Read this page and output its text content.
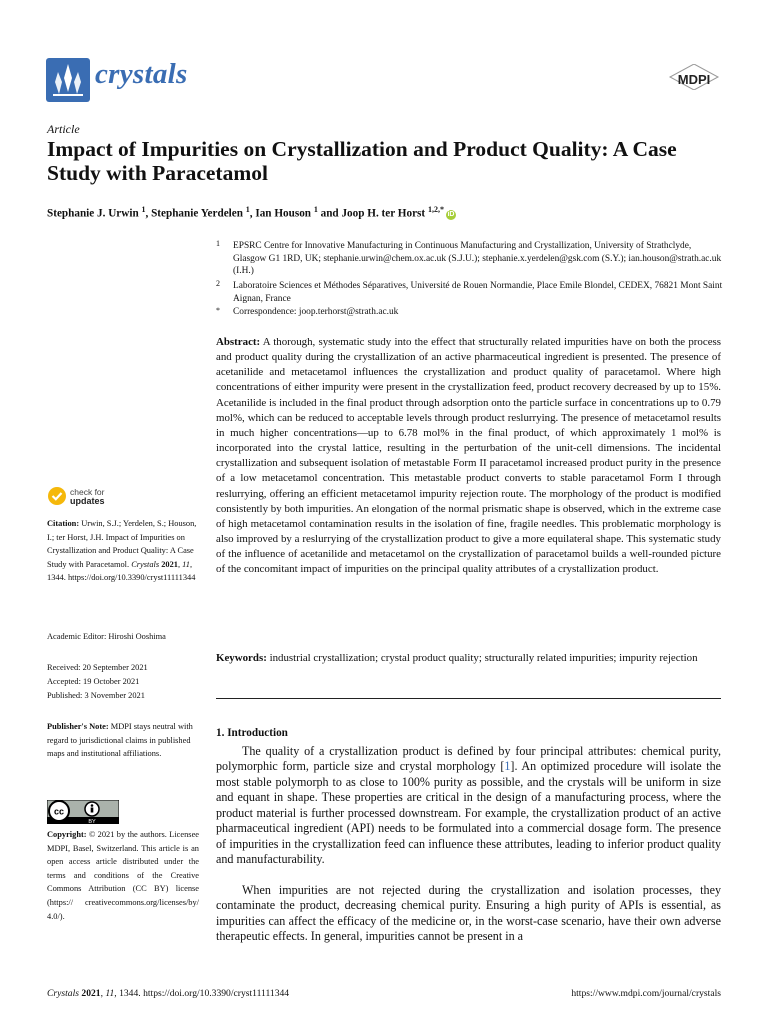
crystals	MDPI
Article
Impact of Impurities on Crystallization and Product Quality: A Case Study with Paracetamol
Stephanie J. Urwin $^1$, Stephanie Yerdelen $^1$, Ian Houson $^1$ and Joop H. ter Horst $^{1,2,*}$iD
1 EPSRC Centre for Innovative Manufacturing in Continuous Manufacturing and Crystallization, University of Strathclyde, Glasgow G1 1RD, UK; stephanie.urwin@chem.ox.ac.uk (S.J.U.); stephanie.x.yerdelen@gsk.com (S.Y.); ian.houson@strath.ac.uk (I.H.)
2 Laboratoire Sciences et Méthodes Séparatives, Université de Rouen Normandie, Place Emile Blondel, CEDEX, 76821 Mont Saint Aignan, France
* Correspondence: joop.terhorst@strath.ac.uk
Abstract: A thorough, systematic study into the effect that structurally related impurities have on both the process and product quality during the crystallization of an active pharmaceutical ingredient is presented. The presence of acetanilide and metacetamol influences the crystallization and product quality of paracetamol. Where high concentrations of either impurity were present in the crystallization feed, product recovery decreased by up to 15%. Acetanilide is included in the final product through adsorption onto the particle surface in concentrations up to 0.79 mol%, which can be reduced to acceptable levels through product reslurrying. The presence of metacetamol results in much higher concentrations—up to 6.78 mol% in the final product, of which approximately 1 mol% is incorporated into the crystal lattice, resulting in the perturbation of the unit-cell dimensions. The incidental crystallization and subsequent isolation of metastable Form II paracetamol increased product purity in the presence of a low metacetamol concentration. This metastable product converts to stable paracetamol Form I through reslurrying, offering an efficient metacetamol impurity rejection route. The morphology of the product is modified consistently by both impurities. An elongation of the normal prismatic shape is observed, which in the extreme case of high metacetamol contamination results in the isolation of fine, fragile needles. This problematic morphology is also improved by a reslurrying of the crystallization product to give a more equilateral shape. This systematic study of the influence of acetanilide and metacetamol on the crystallization of paracetamol builds a well-rounded picture of the concomitant impact of impurities on the principal quality attributes of a crystallization product.
Keywords: industrial crystallization; crystal product quality; structurally related impurities; impurity rejection
check for
updates
Citation: Urwin, S.J.; Yerdelen, S.; Houson, I.; ter Horst, J.H. Impact of Impurities on Crystallization and Product Quality: A Case Study with Paracetamol. Crystals 2021, 11, 1344. https://doi.org/10.3390/cryst11111344
Academic Editor: Hiroshi Ooshima
Received: 20 September 2021
Accepted: 19 October 2021
Published: 3 November 2021
Publisher's Note: MDPI stays neutral with regard to jurisdictional claims in published maps and institutional affiliations.
cc
BY
Copyright: © 2021 by the authors. Licensee MDPI, Basel, Switzerland. This article is an open access article distributed under the terms and conditions of the Creative Commons Attribution (CC BY) license (https:// creativecommons.org/licenses/by/ 4.0/).
1. Introduction
The quality of a crystallization product is defined by four principal attributes: chemical purity, polymorphic form, particle size and crystal morphology [1]. An optimized procedure will isolate the most stable polymorph to as close to 100% purity as possible, and the crystals will be uniform in size and equant in shape. These properties are critical in the design of a manufacturing process, where the product material is further processed downstream. For example, the crystallization product of an active pharmaceutical ingredient (API) needs to be formulated into a commercial dosage form. The presence of impurities in the crystallization feed can influence these attributes, leading to inferior product quality and manufacturability.
When impurities are not rejected during the crystallization and isolation processes, they contaminate the product, decreasing chemical purity. Ensuring a high purity of APIs is essential, as impurities can affect the efficacy of the medicine or, in the worst-case scenario, have their own adverse therapeutic effects. In general, impurities cannot be present in a
Crystals 2021, 11, 1344. https://doi.org/10.3390/cryst11111344	https://www.mdpi.com/journal/crystals
